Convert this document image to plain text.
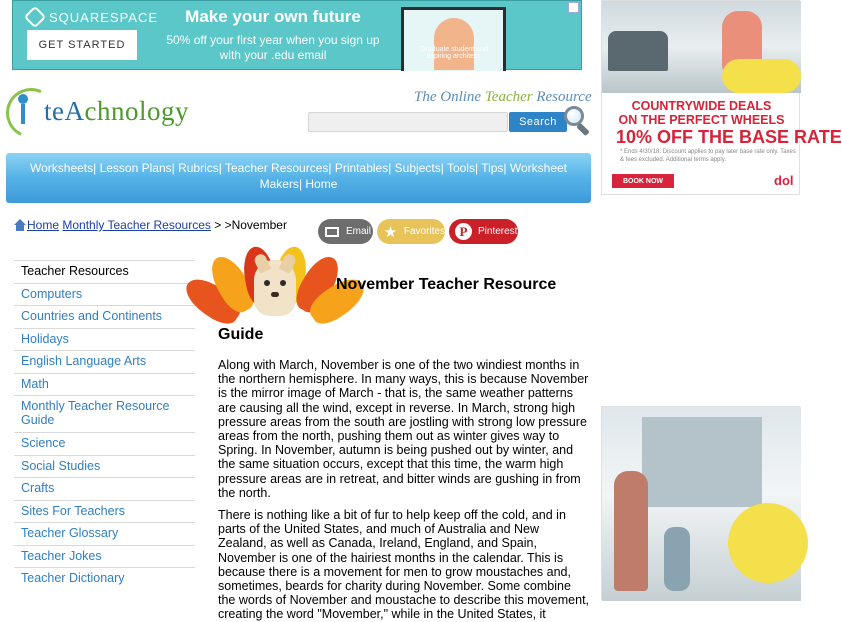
SQUARESPACE
GET STARTED
Make your own future
50% off your first year when you sign up with your .edu email	Graduate student and aspiring architect.
COUNTRYWIDE DEALS
ON THE PERFECT WHEELS
10% OFF THE BASE RATE
* Ends 4/30/18. Discount applies to pay later base rate only. Taxes & fees excluded. Additional terms apply.
BOOK NOW	dol
teAchnology	The Online Teacher Resource
Search
Worksheets| Lesson Plans| Rubrics| Teacher Resources| Printables| Subjects| Tools| Tips| Worksheet Makers| Home
Home
Monthly Teacher Resources > >November	Email ★ Favorites	P	Pinterest
Teacher Resources
Computers
Countries and Continents
Holidays
English Language Arts
Math
Monthly Teacher Resource Guide
Science
Social Studies
Crafts
Sites For Teachers
Teacher Glossary
Teacher Jokes
Teacher Dictionary
November Teacher Resource
Guide
Along with March, November is one of the two windiest months in the northern hemisphere. In many ways, this is because November is the mirror image of March - that is, the same weather patterns are causing all the wind, except in reverse. In March, strong high pressure areas from the south are jostling with strong low pressure areas from the north, pushing them out as winter gives way to Spring. In November, autumn is being pushed out by winter, and the same situation occurs, except that this time, the warm high pressure areas are in retreat, and bitter winds are gushing in from the north.
There is nothing like a bit of fur to help keep off the cold, and in parts of the United States, and much of Australia and New Zealand, as well as Canada, Ireland, England, and Spain, November is one of the hairiest months in the calendar. This is because there is a movement for men to grow moustaches and, sometimes, beards for charity during November. Some combine the words of November and moustache to describe this movement, creating the word "Movember," while in the United States, it
